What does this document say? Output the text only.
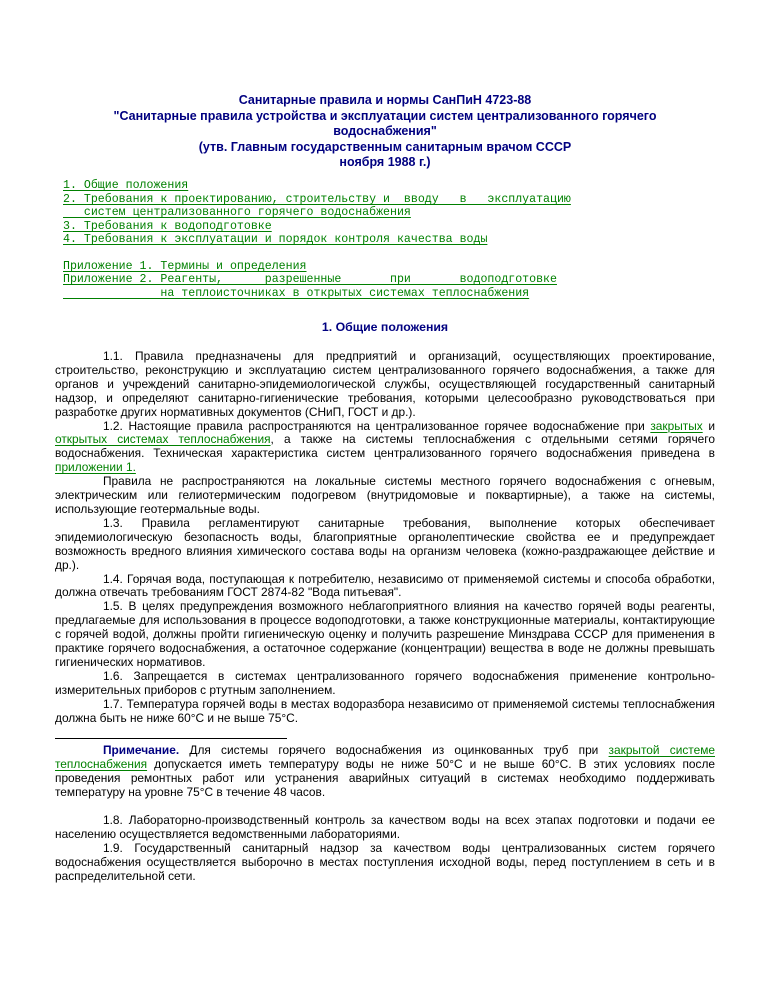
Санитарные правила и нормы СанПиН 4723-88
"Санитарные правила устройства и эксплуатации систем централизованного горячего
водоснабжения"
(утв. Главным государственным санитарным врачом СССР
ноября 1988 г.)
1. Общие положения
2. Требования к проектированию, строительству и  вводу   в   эксплуатацию
систем централизованного горячего водоснабжения
3. Требования к водоподготовке
4. Требования к эксплуатации и порядок контроля качества воды
Приложение 1. Термины и определения
Приложение 2. Реагенты,      разрешенные       при       водоподготовке
на теплоисточниках в открытых системах теплоснабжения
1. Общие положения

1.1. Правила предназначены для предприятий и организаций, осуществляющих проектирование, строительство, реконструкцию и эксплуатацию систем централизованного горячего водоснабжения, а также для органов и учреждений санитарно-эпидемиологической службы, осуществляющей государственный санитарный надзор, и определяют санитарно-гигиенические требования, которыми целесообразно руководствоваться при разработке других нормативных документов (СНиП, ГОСТ и др.).

1.2. Настоящие правила распространяются на централизованное горячее водоснабжение при закрытых и открытых системах теплоснабжения, а также на системы теплоснабжения с отдельными сетями горячего водоснабжения. Техническая характеристика систем централизованного горячего водоснабжения приведена в приложении 1.

Правила не распространяются на локальные системы местного горячего водоснабжения с огневым, электрическим или гелиотермическим подогревом (внутридомовые и поквартирные), а также на системы, использующие геотермальные воды.

1.3. Правила регламентируют санитарные требования, выполнение которых обеспечивает эпидемиологическую безопасность воды, благоприятные органолептические свойства ее и предупреждает возможность вредного влияния химического состава воды на организм человека (кожно-раздражающее действие и др.).

1.4. Горячая вода, поступающая к потребителю, независимо от применяемой системы и способа обработки, должна отвечать требованиям ГОСТ 2874-82 "Вода питьевая".

1.5. В целях предупреждения возможного неблагоприятного влияния на качество горячей воды реагенты, предлагаемые для использования в процессе водоподготовки, а также конструкционные материалы, контактирующие с горячей водой, должны пройти гигиеническую оценку и получить разрешение Минздрава СССР для применения в практике горячего водоснабжения, а остаточное содержание (концентрации) вещества в воде не должны превышать гигиенических нормативов.

1.6. Запрещается в системах централизованного горячего водоснабжения применение контрольно-измерительных приборов с ртутным заполнением.

1.7. Температура горячей воды в местах водоразбора независимо от применяемой системы теплоснабжения должна быть не ниже 60°С и не выше 75°С.

Примечание. Для системы горячего водоснабжения из оцинкованных труб при закрытой системе теплоснабжения допускается иметь температуру воды не ниже 50°С и не выше 60°С. В этих условиях после проведения ремонтных работ или устранения аварийных ситуаций в системах необходимо поддерживать температуру на уровне 75°С в течение 48 часов.

1.8. Лабораторно-производственный контроль за качеством воды на всех этапах подготовки и подачи ее населению осуществляется ведомственными лабораториями.

1.9. Государственный санитарный надзор за качеством воды централизованных систем горячего водоснабжения осуществляется выборочно в местах поступления исходной воды, перед поступлением в сеть и в распределительной сети.
